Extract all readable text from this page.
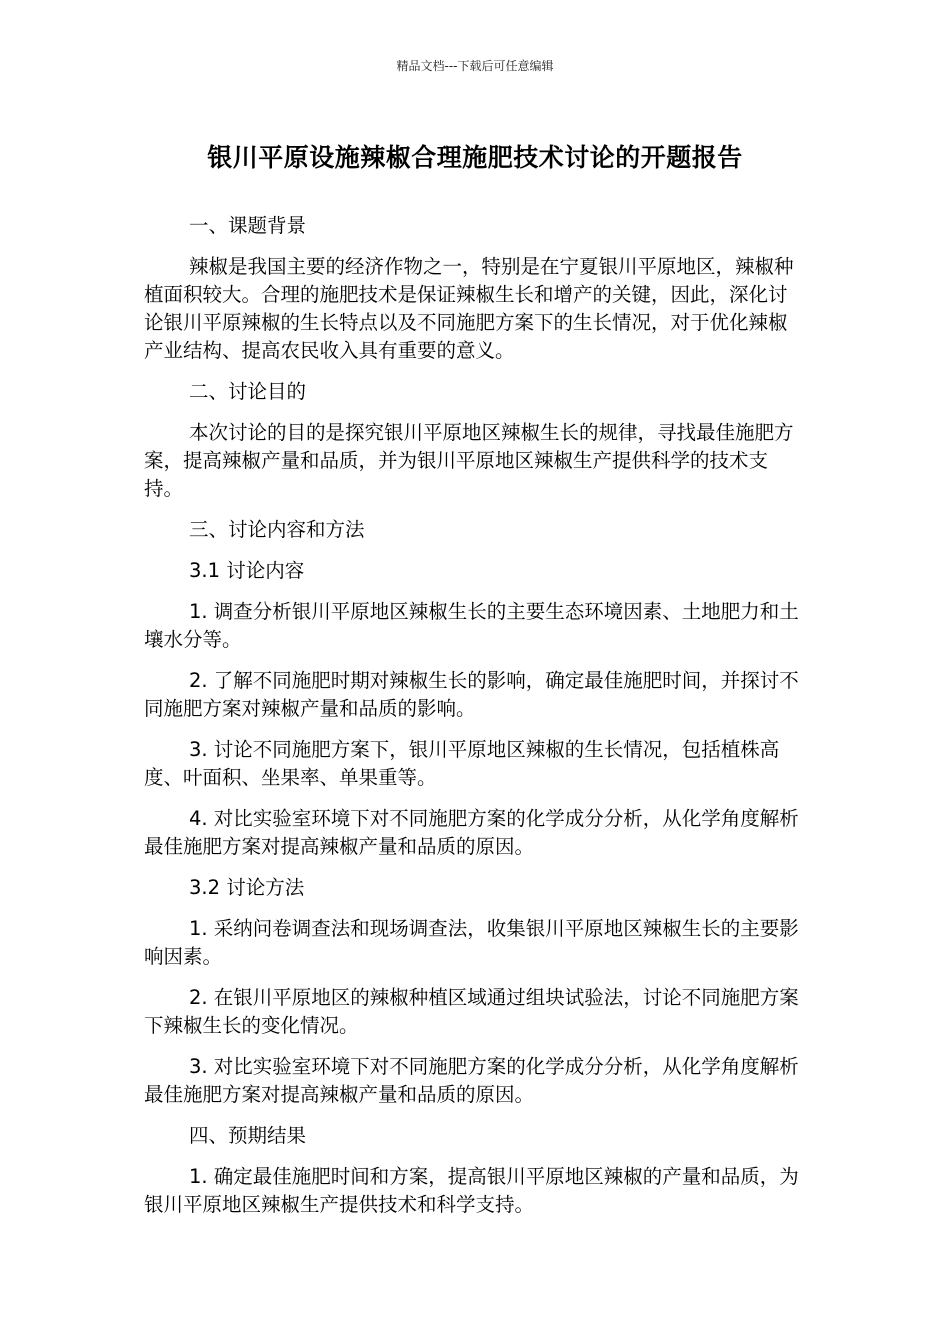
精品文档---下载后可任意编辑
银川平原设施辣椒合理施肥技术讨论的开题报告
一、课题背景
辣椒是我国主要的经济作物之一，特别是在宁夏银川平原地区，辣椒种植面积较大。合理的施肥技术是保证辣椒生长和增产的关键，因此，深化讨论银川平原辣椒的生长特点以及不同施肥方案下的生长情况，对于优化辣椒产业结构、提高农民收入具有重要的意义。
二、讨论目的
本次讨论的目的是探究银川平原地区辣椒生长的规律，寻找最佳施肥方案，提高辣椒产量和品质，并为银川平原地区辣椒生产提供科学的技术支持。
三、讨论内容和方法
3.1 讨论内容
1. 调查分析银川平原地区辣椒生长的主要生态环境因素、土地肥力和土壤水分等。
2. 了解不同施肥时期对辣椒生长的影响，确定最佳施肥时间，并探讨不同施肥方案对辣椒产量和品质的影响。
3. 讨论不同施肥方案下，银川平原地区辣椒的生长情况，包括植株高度、叶面积、坐果率、单果重等。
4. 对比实验室环境下对不同施肥方案的化学成分分析，从化学角度解析最佳施肥方案对提高辣椒产量和品质的原因。
3.2 讨论方法
1. 采纳问卷调查法和现场调查法，收集银川平原地区辣椒生长的主要影响因素。
2. 在银川平原地区的辣椒种植区域通过组块试验法，讨论不同施肥方案下辣椒生长的变化情况。
3. 对比实验室环境下对不同施肥方案的化学成分分析，从化学角度解析最佳施肥方案对提高辣椒产量和品质的原因。
四、预期结果
1. 确定最佳施肥时间和方案，提高银川平原地区辣椒的产量和品质，为银川平原地区辣椒生产提供技术和科学支持。
